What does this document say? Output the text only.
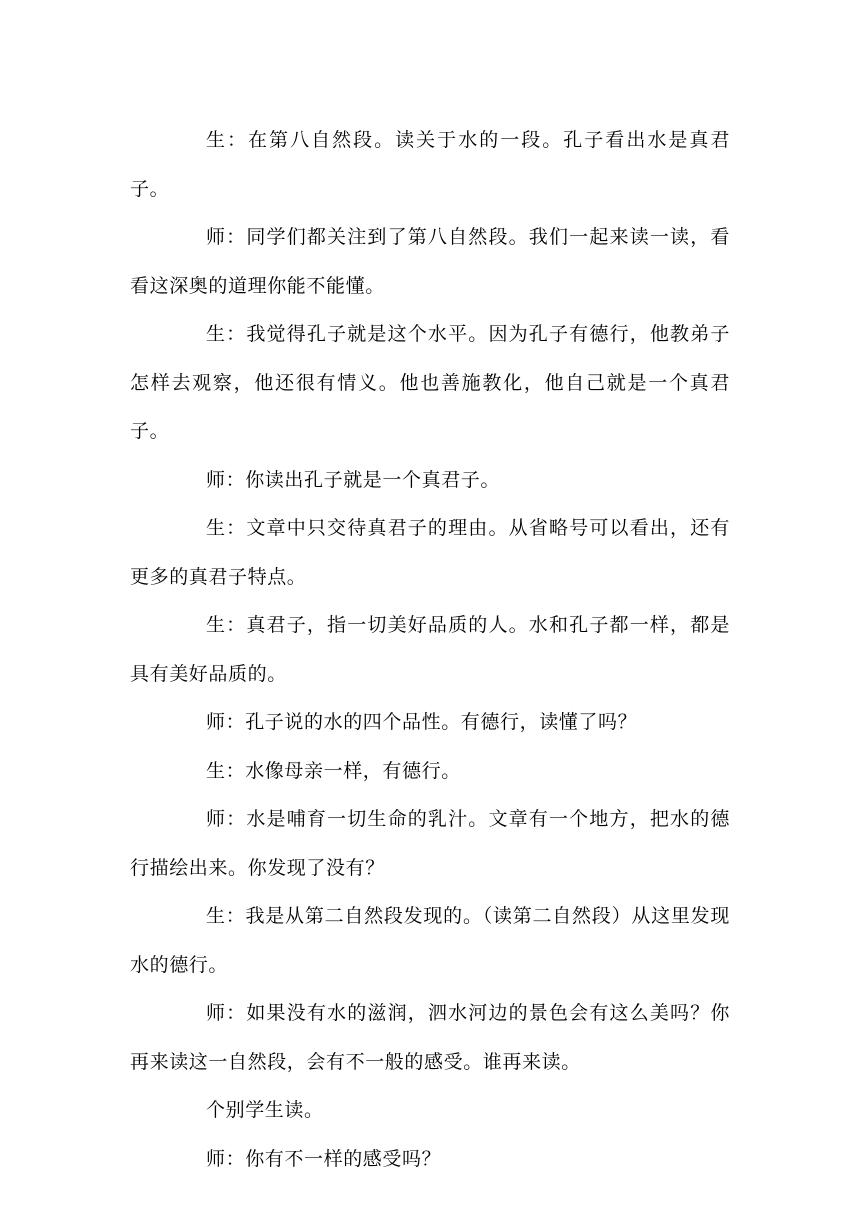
生：在第八自然段。读关于水的一段。孔子看出水是真君子。

师：同学们都关注到了第八自然段。我们一起来读一读，看看这深奥的道理你能不能懂。

生：我觉得孔子就是这个水平。因为孔子有德行，他教弟子怎样去观察，他还很有情义。他也善施教化，他自己就是一个真君子。

师：你读出孔子就是一个真君子。

生：文章中只交待真君子的理由。从省略号可以看出，还有更多的真君子特点。

生：真君子，指一切美好品质的人。水和孔子都一样，都是具有美好品质的。

师：孔子说的水的四个品性。有德行，读懂了吗？

生：水像母亲一样，有德行。

师：水是哺育一切生命的乳汁。文章有一个地方，把水的德行描绘出来。你发现了没有？

生：我是从第二自然段发现的。（读第二自然段）从这里发现水的德行。

师：如果没有水的滋润，泗水河边的景色会有这么美吗？你再来读这一自然段，会有不一般的感受。谁再来读。

个别学生读。

师：你有不一样的感受吗？
